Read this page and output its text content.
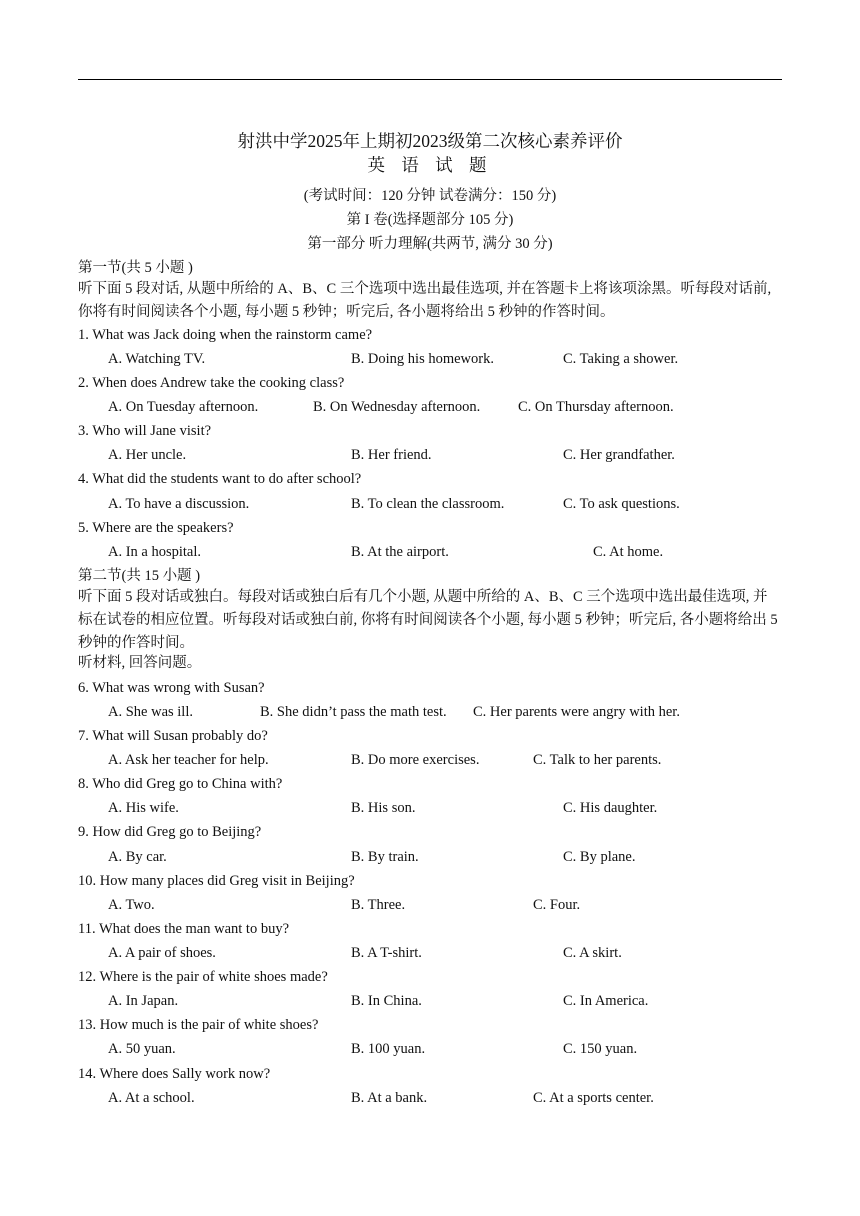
射洪中学2025年上期初2023级第二次核心素养评价
英 语 试 题
(考试时间：120 分钟 试卷满分：150 分)
第 I 卷(选择题部分 105 分)
第一部分 听力理解(共两节, 满分 30 分)
第一节(共 5 小题 )
听下面 5 段对话, 从题中所给的 A、B、C 三个选项中选出最佳选项, 并在答题卡上将该项涂黑。听每段对话前, 你将有时间阅读各个小题, 每小题 5 秒钟；听完后, 各小题将给出 5 秒钟的作答时间。
1. What was Jack doing when the rainstorm came?
A. Watching TV.	B. Doing his homework.	C. Taking a shower.
2. When does Andrew take the cooking class?
A. On Tuesday afternoon.	B. On Wednesday afternoon.	C. On Thursday afternoon.
3. Who will Jane visit?
A. Her uncle.	B. Her friend.	C. Her grandfather.
4. What did the students want to do after school?
A. To have a discussion.	B. To clean the classroom.	C. To ask questions.
5. Where are the speakers?
A. In a hospital.	B. At the airport.	C. At home.
第二节(共 15 小题 )
听下面 5 段对话或独白。每段对话或独白后有几个小题, 从题中所给的 A、B、C 三个选项中选出最佳选项, 并标在试卷的相应位置。听每段对话或独白前, 你将有时间阅读各个小题, 每小题 5 秒钟；听完后, 各小题将给出 5 秒钟的作答时间。
听材料, 回答问题。
6. What was wrong with Susan?
A. She was ill.	B. She didn’t pass the math test. C. Her parents were angry with her.
7. What will Susan probably do?
A. Ask her teacher for help.	B. Do more exercises.	C. Talk to her parents.
8. Who did Greg go to China with?
A. His wife.	B. His son.	C. His daughter.
9. How did Greg go to Beijing?
A. By car.	B. By train.	C. By plane.
10. How many places did Greg visit in Beijing?
A. Two.	B. Three.	C. Four.
11. What does the man want to buy?
A. A pair of shoes.	B. A T-shirt.	C. A skirt.
12. Where is the pair of white shoes made?
A. In Japan.	B. In China.	C. In America.
13. How much is the pair of white shoes?
A. 50 yuan.	B. 100 yuan.	C. 150 yuan.
14. Where does Sally work now?
A. At a school.	B. At a bank.	C. At a sports center.
